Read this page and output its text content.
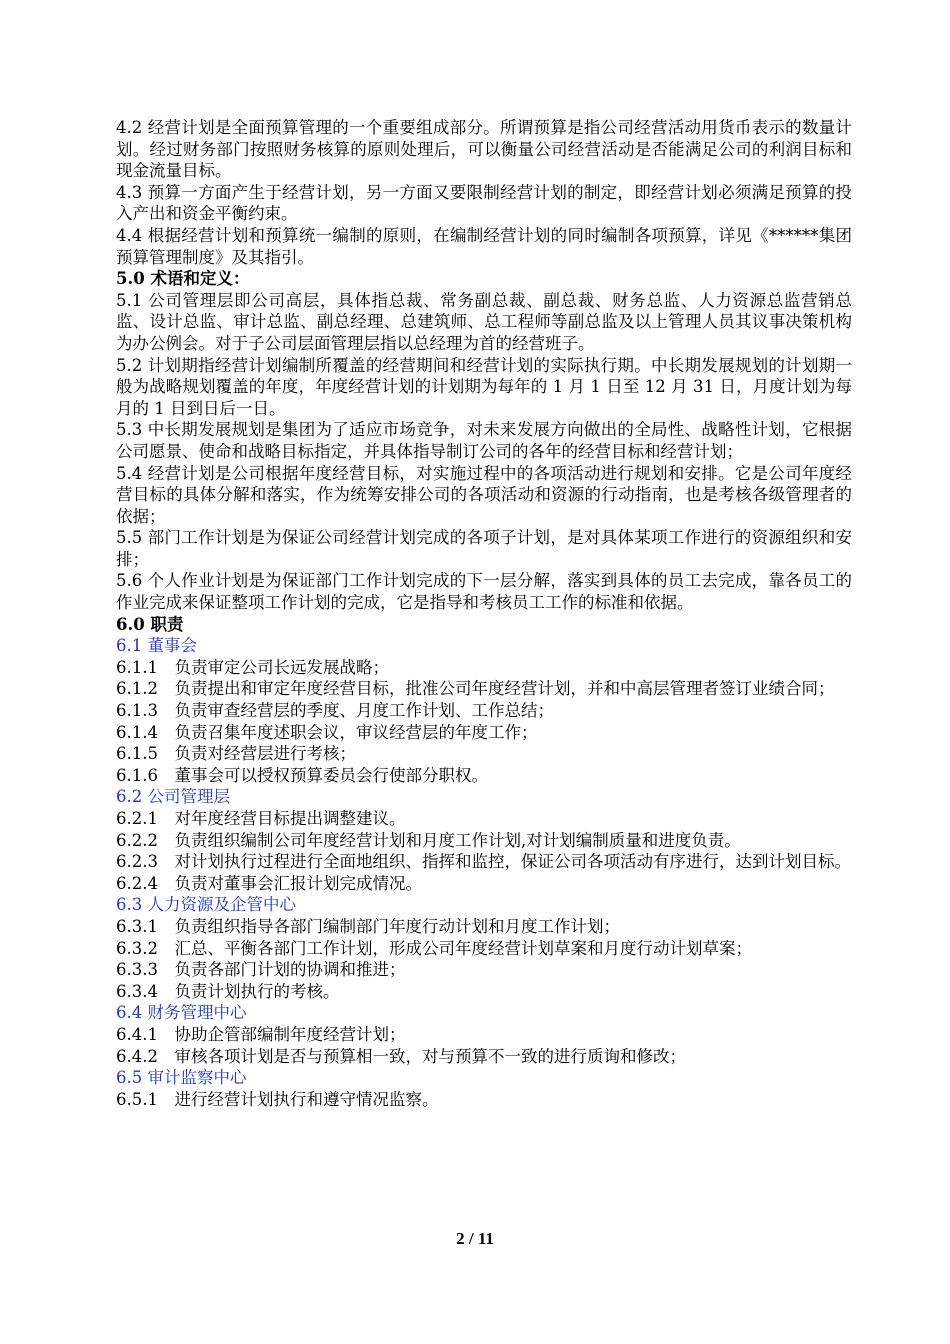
4.2 经营计划是全面预算管理的一个重要组成部分。所谓预算是指公司经营活动用货币表示的数量计划。经过财务部门按照财务核算的原则处理后，可以衡量公司经营活动是否能满足公司的利润目标和现金流量目标。

4.3 预算一方面产生于经营计划，另一方面又要限制经营计划的制定，即经营计划必须满足预算的投入产出和资金平衡约束。

4.4 根据经营计划和预算统一编制的原则，在编制经营计划的同时编制各项预算，详见《******集团预算管理制度》及其指引。

5.0 术语和定义：

5.1 公司管理层即公司高层，具体指总裁、常务副总裁、副总裁、财务总监、人力资源总监营销总监、设计总监、审计总监、副总经理、总建筑师、总工程师等副总监及以上管理人员其议事决策机构为办公例会。对于子公司层面管理层指以总经理为首的经营班子。

5.2 计划期指经营计划编制所覆盖的经营期间和经营计划的实际执行期。中长期发展规划的计划期一般为战略规划覆盖的年度，年度经营计划的计划期为每年的 1 月 1 日至 12 月 31 日，月度计划为每月的 1 日到日后一日。

5.3 中长期发展规划是集团为了适应市场竞争，对未来发展方向做出的全局性、战略性计划，它根据公司愿景、使命和战略目标指定，并具体指导制订公司的各年的经营目标和经营计划；

5.4 经营计划是公司根据年度经营目标，对实施过程中的各项活动进行规划和安排。它是公司年度经营目标的具体分解和落实，作为统筹安排公司的各项活动和资源的行动指南，也是考核各级管理者的依据；

5.5 部门工作计划是为保证公司经营计划完成的各项子计划，是对具体某项工作进行的资源组织和安排；

5.6 个人作业计划是为保证部门工作计划完成的下一层分解，落实到具体的员工去完成，靠各员工的作业完成来保证整项工作计划的完成，它是指导和考核员工工作的标准和依据。

6.0 职责

6.1 董事会

6.1.1　负责审定公司长远发展战略；

6.1.2　负责提出和审定年度经营目标，批准公司年度经营计划，并和中高层管理者签订业绩合同；

6.1.3　负责审查经营层的季度、月度工作计划、工作总结；

6.1.4　负责召集年度述职会议，审议经营层的年度工作；

6.1.5　负责对经营层进行考核；

6.1.6　董事会可以授权预算委员会行使部分职权。

6.2 公司管理层

6.2.1　对年度经营目标提出调整建议。

6.2.2　负责组织编制公司年度经营计划和月度工作计划,对计划编制质量和进度负责。

6.2.3　对计划执行过程进行全面地组织、指挥和监控，保证公司各项活动有序进行，达到计划目标。

6.2.4　负责对董事会汇报计划完成情况。

6.3 人力资源及企管中心

6.3.1　负责组织指导各部门编制部门年度行动计划和月度工作计划；

6.3.2　汇总、平衡各部门工作计划，形成公司年度经营计划草案和月度行动计划草案；

6.3.3　负责各部门计划的协调和推进；

6.3.4　负责计划执行的考核。

6.4 财务管理中心

6.4.1　协助企管部编制年度经营计划；

6.4.2　审核各项计划是否与预算相一致，对与预算不一致的进行质询和修改；

6.5 审计监察中心

6.5.1　进行经营计划执行和遵守情况监察。

2 / 11
